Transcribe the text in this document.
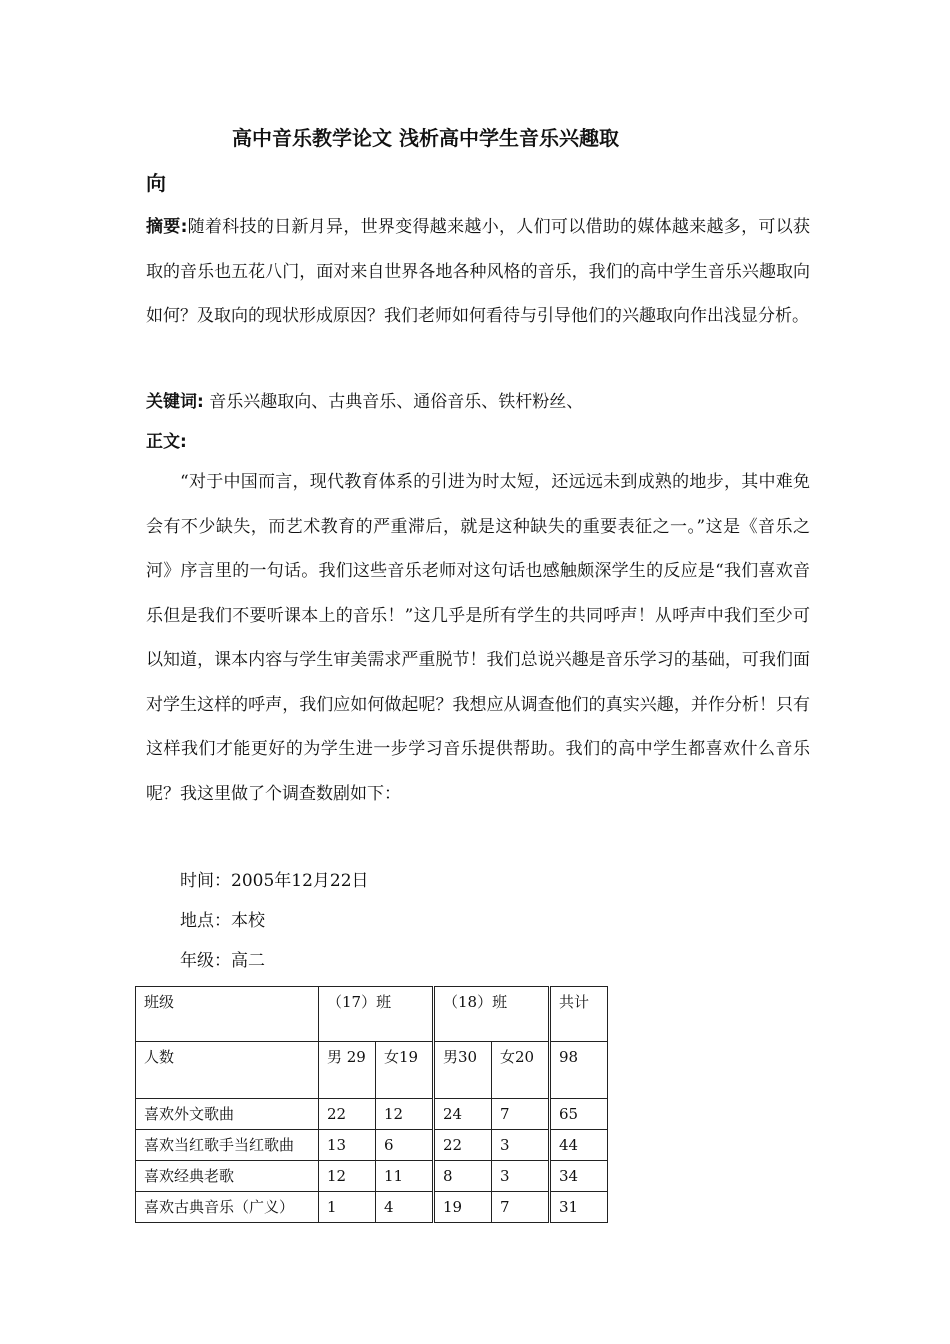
高中音乐教学论文 浅析高中学生音乐兴趣取
向
摘要:随着科技的日新月异，世界变得越来越小，人们可以借助的媒体越来越多，可以获取的音乐也五花八门，面对来自世界各地各种风格的音乐，我们的高中学生音乐兴趣取向如何？及取向的现状形成原因？我们老师如何看待与引导他们的兴趣取向作出浅显分析。
关键词: 音乐兴趣取向、古典音乐、通俗音乐、铁杆粉丝、
正文:
“对于中国而言，现代教育体系的引进为时太短，还远远未到成熟的地步，其中难免会有不少缺失，而艺术教育的严重滞后，就是这种缺失的重要表征之一。”这是《音乐之河》序言里的一句话。我们这些音乐老师对这句话也感触颇深学生的反应是“我们喜欢音乐但是我们不要听课本上的音乐！”这几乎是所有学生的共同呼声！从呼声中我们至少可以知道，课本内容与学生审美需求严重脱节！我们总说兴趣是音乐学习的基础，可我们面对学生这样的呼声，我们应如何做起呢？我想应从调查他们的真实兴趣，并作分析！只有这样我们才能更好的为学生进一步学习音乐提供帮助。我们的高中学生都喜欢什么音乐呢？我这里做了个调查数剧如下：
时间：2005年12月22日
地点：本校
年级：高二
班级	（17）班		（18）班		共计
人数	男 29	女19	男30	女20	98
喜欢外文歌曲	22	12	24	7	65
喜欢当红歌手当红歌曲	13	6	22	3	44
喜欢经典老歌	12	11	8	3	34
喜欢古典音乐（广义）	1	4	19	7	31
